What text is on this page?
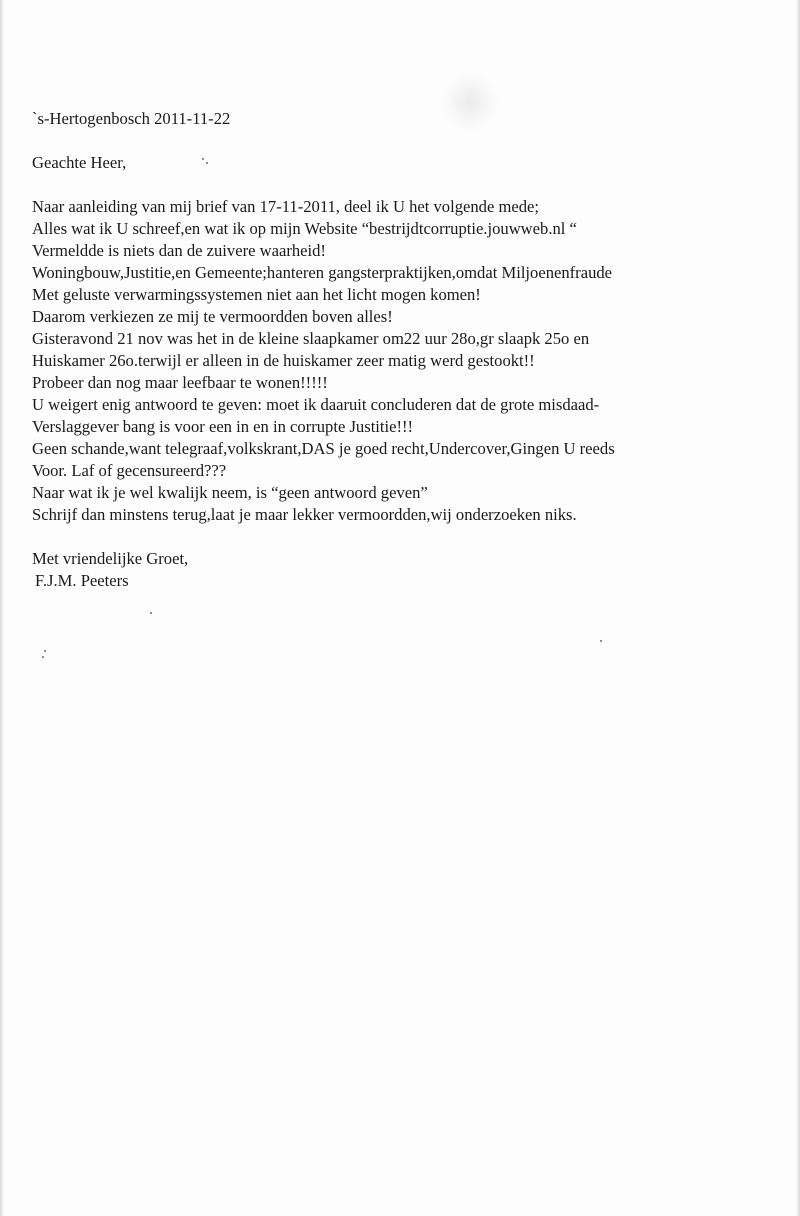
`s-Hertogenbosch 2011-11-22
Geachte Heer,
Naar aanleiding van mij brief van 17-11-2011, deel ik U het volgende mede;
Alles wat ik U schreef,en wat ik op mijn Website “bestrijdtcorruptie.jouwweb.nl “
Vermeldde is niets dan de zuivere waarheid!
Woningbouw,Justitie,en Gemeente;hanteren gangsterpraktijken,omdat Miljoenenfraude
Met geluste verwarmingssystemen niet aan het licht mogen komen!
Daarom verkiezen ze mij te vermoordden boven alles!
Gisteravond 21 nov was het in de kleine slaapkamer om22 uur 28o,gr slaapk 25o en
Huiskamer 26o.terwijl er alleen in de huiskamer zeer matig werd gestookt!!
Probeer dan nog maar leefbaar te wonen!!!!!
U weigert enig antwoord te geven: moet ik daaruit concluderen dat de grote misdaad-
Verslaggever bang is voor een in en in corrupte Justitie!!!
Geen schande,want telegraaf,volkskrant,DAS je goed recht,Undercover,Gingen U reeds
Voor. Laf of gecensureerd???
Naar wat ik je wel kwalijk neem, is “geen antwoord geven”
Schrijf dan minstens terug,laat je maar lekker vermoordden,wij onderzoeken niks.
Met vriendelijke Groet,
F.J.M. Peeters
